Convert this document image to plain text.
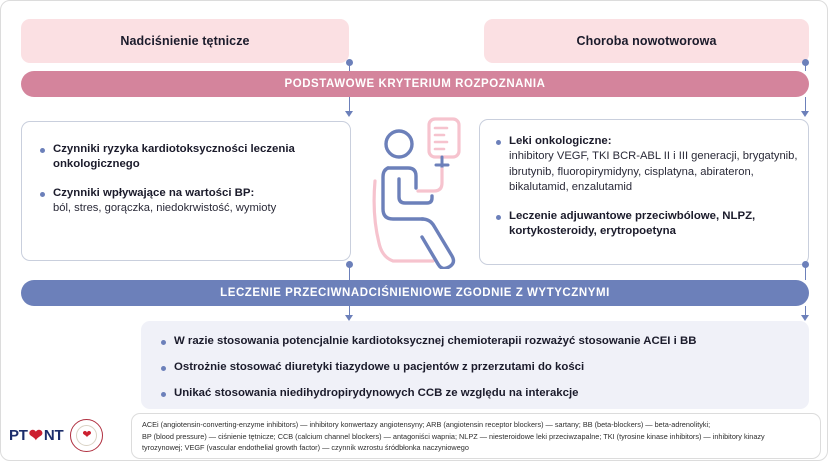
Nadciśnienie tętnicze	Choroba nowotworowa
PODSTAWOWE KRYTERIUM ROZPOZNANIA
Czynniki ryzyka kardiotoksyczności leczenia onkologicznego
Czynniki wpływające na wartości BP:
ból, stres, gorączka, niedokrwistość, wymioty
Leki onkologiczne:
inhibitory VEGF, TKI BCR-ABL II i III generacji, brygatynib, ibrutynib, fluoropirymidyny, cisplatyna, abirateron, bikalutamid, enzalutamid
Leczenie adjuwantowe przeciwbólowe, NLPZ, kortykosteroidy, erytropoetyna
LECZENIE PRZECIWNADCIŚNIENIOWE ZGODNIE Z WYTYCZNYMI
W razie stosowania potencjalnie kardiotoksycznej chemioterapii rozważyć stosowanie ACEI i BB
Ostrożnie stosować diuretyki tiazydowe u pacjentów z przerzutami do kości
Unikać stosowania niedihydropirydynowych CCB ze względu na interakcje
PT ❤ NT	❤

ACEi (angiotensin-converting-enzyme inhibitors) — inhibitory konwertazy angiotensyny; ARB (angiotensin receptor blockers) — sartany; BB (beta-blockers) — beta-adrenolityki;

BP (blood pressure) — ciśnienie tętnicze; CCB (calcium channel blockers) — antagoniści wapnia; NLPZ — niesteroidowe leki przeciwzapalne; TKI (tyrosine kinase inhibitors) — inhibitory kinazy

tyrozynowej; VEGF (vascular endothelial growth factor) — czynnik wzrostu śródbłonka naczyniowego
